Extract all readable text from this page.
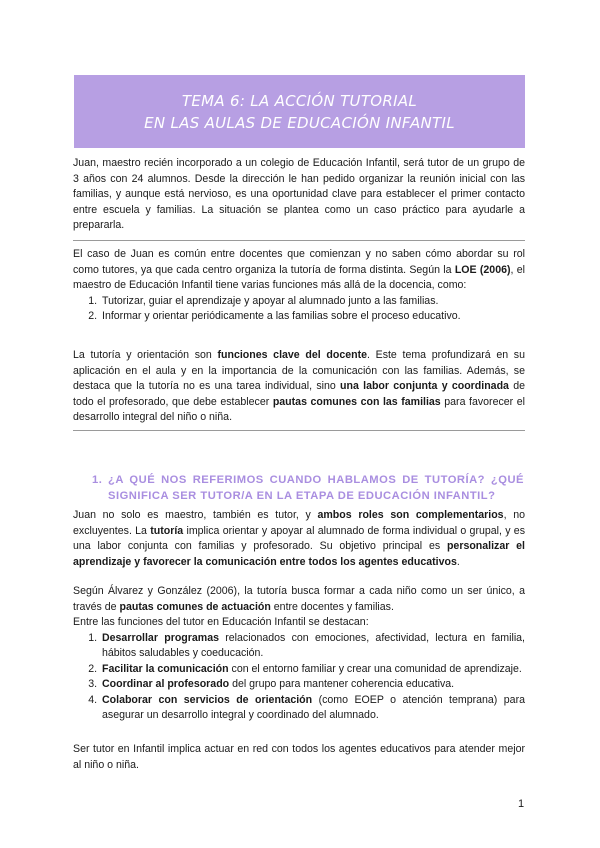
TEMA 6: LA ACCIÓN TUTORIAL
EN LAS AULAS DE EDUCACIÓN INFANTIL

Juan, maestro recién incorporado a un colegio de Educación Infantil, será tutor de un grupo de 3 años con 24 alumnos. Desde la dirección le han pedido organizar la reunión inicial con las familias, y aunque está nervioso, es una oportunidad clave para establecer el primer contacto entre escuela y familias. La situación se plantea como un caso práctico para ayudarle a prepararla.

El caso de Juan es común entre docentes que comienzan y no saben cómo abordar su rol como tutores, ya que cada centro organiza la tutoría de forma distinta. Según la LOE (2006), el maestro de Educación Infantil tiene varias funciones más allá de la docencia, como:

1. Tutorizar, guiar el aprendizaje y apoyar al alumnado junto a las familias.
2. Informar y orientar periódicamente a las familias sobre el proceso educativo.

La tutoría y orientación son funciones clave del docente. Este tema profundizará en su aplicación en el aula y en la importancia de la comunicación con las familias. Además, se destaca que la tutoría no es una tarea individual, sino una labor conjunta y coordinada de todo el profesorado, que debe establecer pautas comunes con las familias para favorecer el desarrollo integral del niño o niña.

1. ¿A QUÉ NOS REFERIMOS CUANDO HABLAMOS DE TUTORÍA? ¿QUÉ SIGNIFICA SER TUTOR/A EN LA ETAPA DE EDUCACIÓN INFANTIL?

Juan no solo es maestro, también es tutor, y ambos roles son complementarios, no excluyentes. La tutoría implica orientar y apoyar al alumnado de forma individual o grupal, y es una labor conjunta con familias y profesorado. Su objetivo principal es personalizar el aprendizaje y favorecer la comunicación entre todos los agentes educativos.

Según Álvarez y González (2006), la tutoría busca formar a cada niño como un ser único, a través de pautas comunes de actuación entre docentes y familias.

Entre las funciones del tutor en Educación Infantil se destacan:

1. Desarrollar programas relacionados con emociones, afectividad, lectura en familia, hábitos saludables y coeducación.
2. Facilitar la comunicación con el entorno familiar y crear una comunidad de aprendizaje.
3. Coordinar al profesorado del grupo para mantener coherencia educativa.
4. Colaborar con servicios de orientación (como EOEP o atención temprana) para asegurar un desarrollo integral y coordinado del alumnado.

Ser tutor en Infantil implica actuar en red con todos los agentes educativos para atender mejor al niño o niña.

1
